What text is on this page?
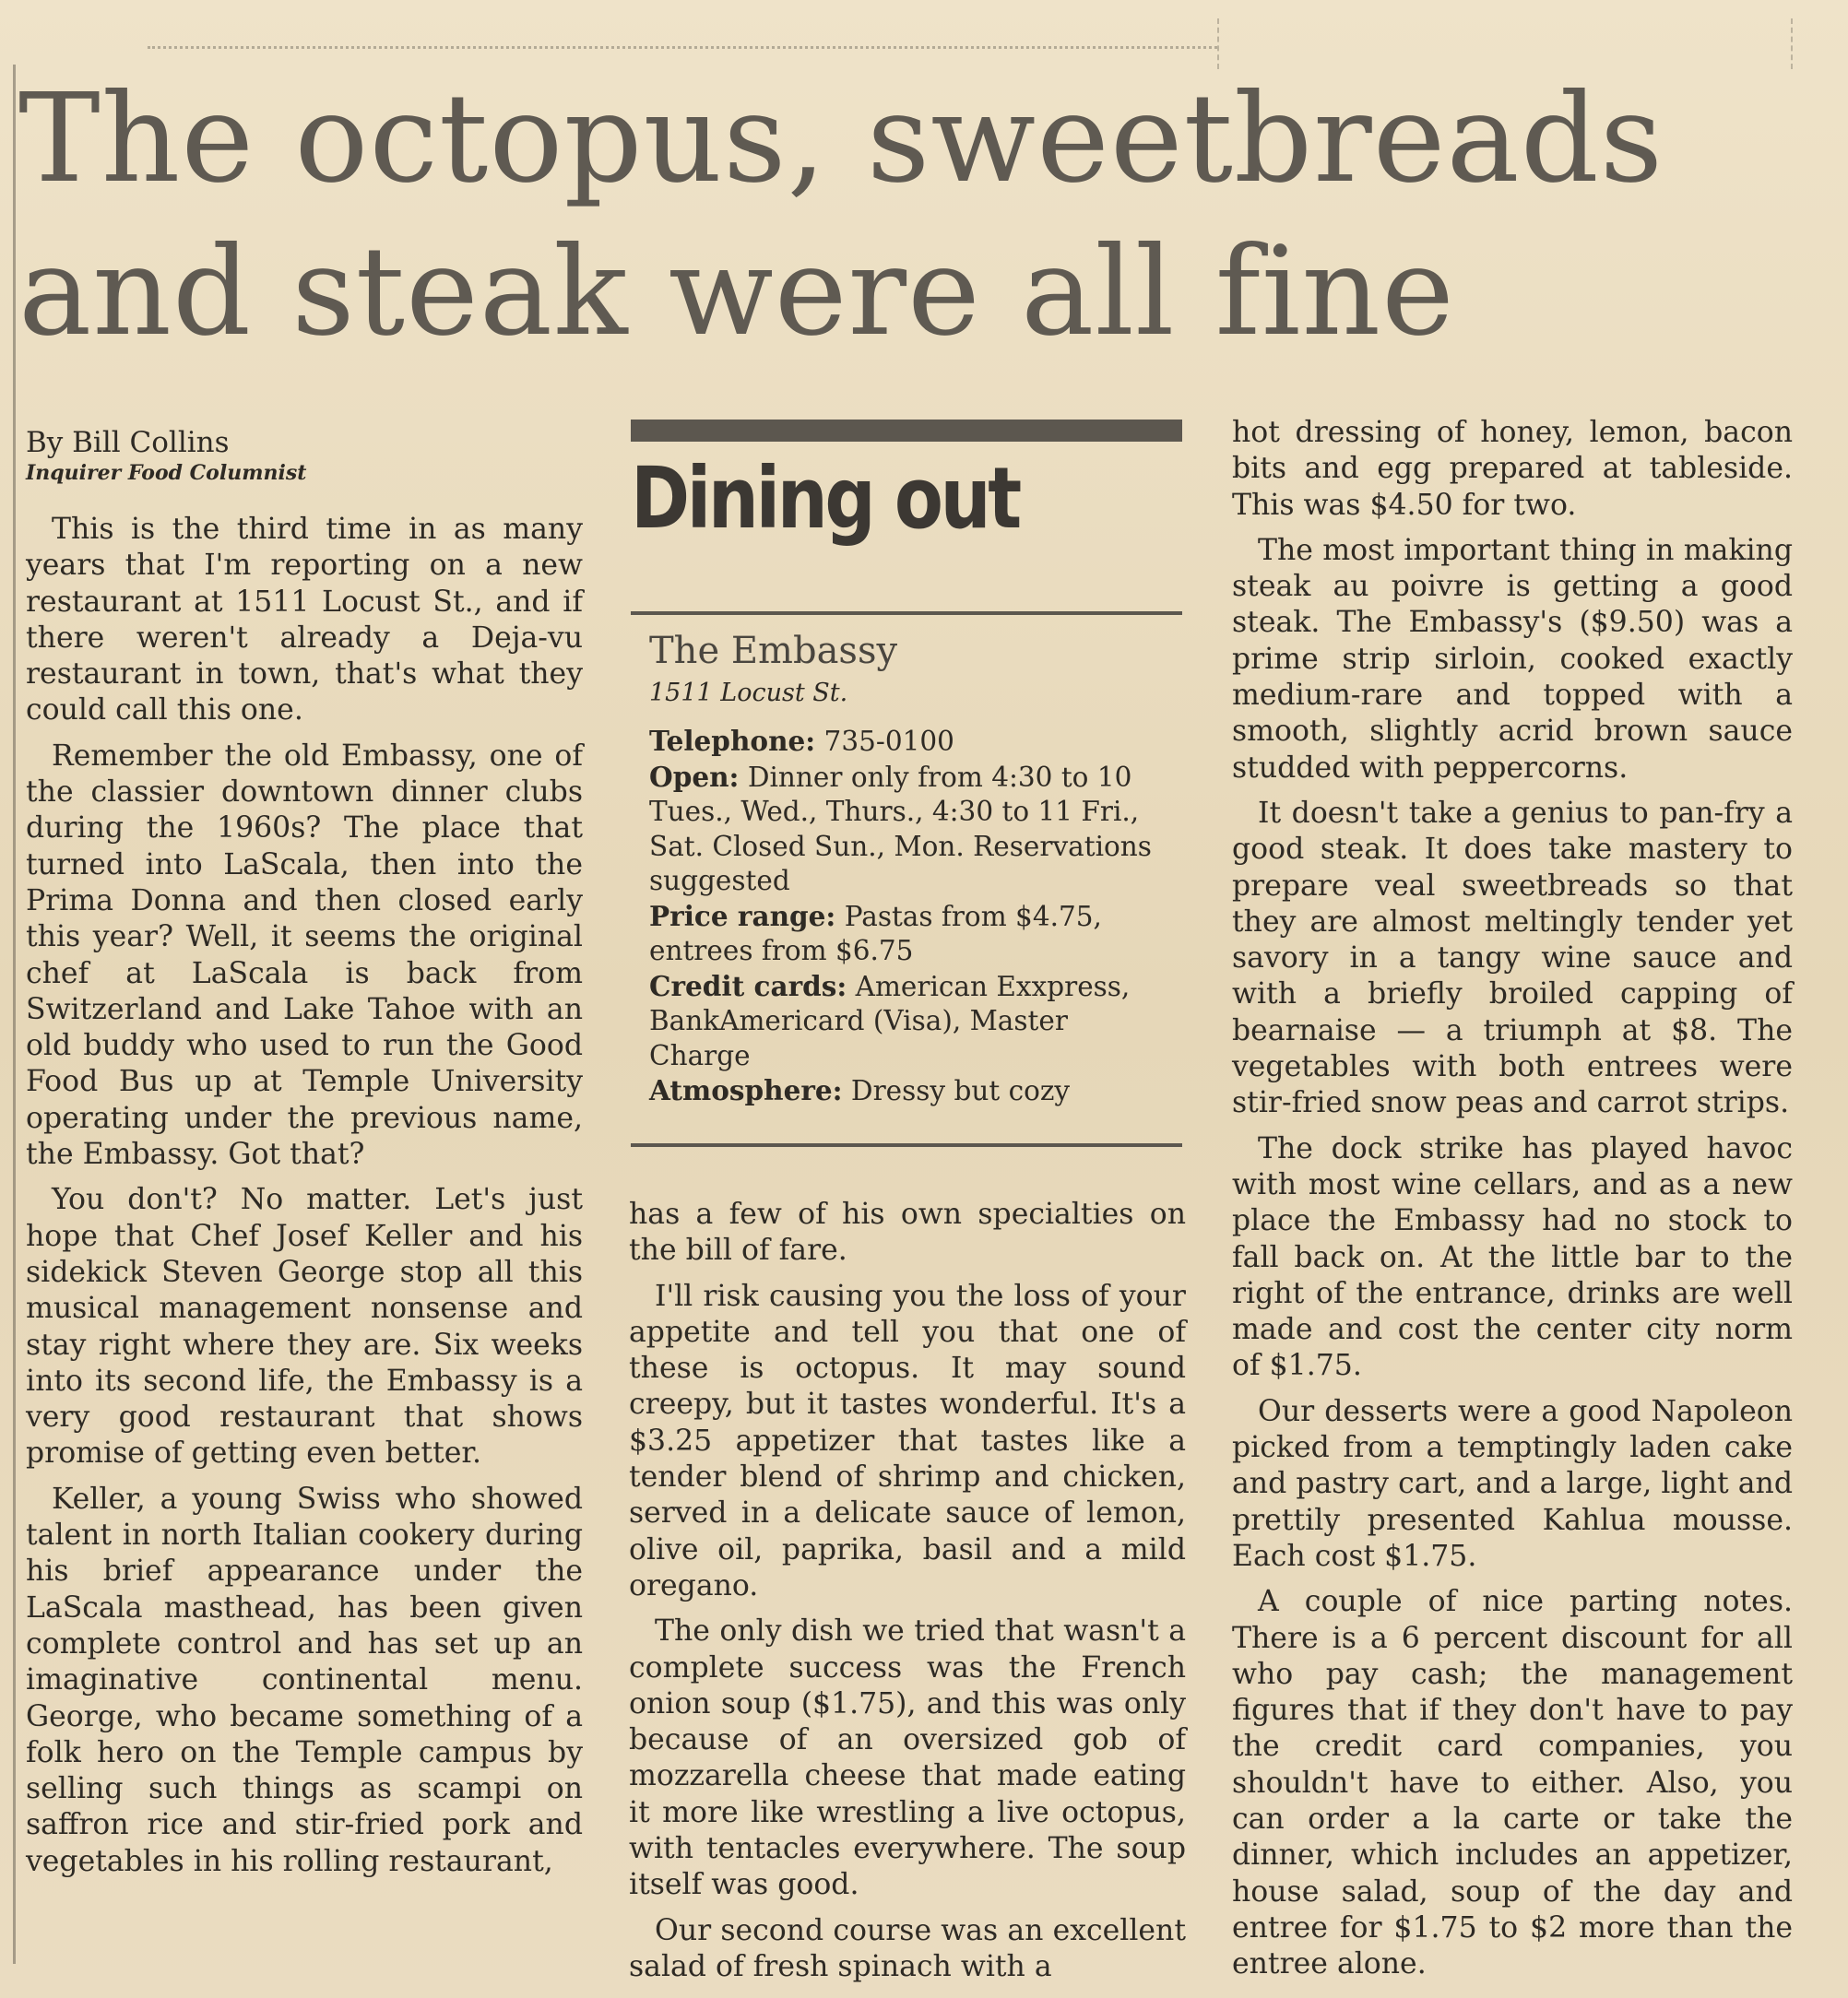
The octopus, sweetbreads
and steak were all fine
By Bill Collins
Inquirer Food Columnist

This is the third time in as many years that I'm reporting on a new restaurant at 1511 Locust St., and if there weren't already a Deja-vu restaurant in town, that's what they could call this one.

Remember the old Embassy, one of the classier downtown dinner clubs during the 1960s? The place that turned into LaScala, then into the Prima Donna and then closed early this year? Well, it seems the original chef at LaScala is back from Switzerland and Lake Tahoe with an old buddy who used to run the Good Food Bus up at Temple University operating under the previous name, the Embassy. Got that?

You don't? No matter. Let's just hope that Chef Josef Keller and his sidekick Steven George stop all this musical management nonsense and stay right where they are. Six weeks into its second life, the Embassy is a very good restaurant that shows promise of getting even better.

Keller, a young Swiss who showed talent in north Italian cookery during his brief appearance under the LaScala masthead, has been given complete control and has set up an imaginative continental menu. George, who became something of a folk hero on the Temple campus by selling such things as scampi on saffron rice and stir-fried pork and vegetables in his rolling restaurant,

Dining out
The Embassy
1511 Locust St.
Telephone: 735-0100
Open: Dinner only from 4:30 to 10 Tues., Wed., Thurs., 4:30 to 11 Fri., Sat. Closed Sun., Mon. Reservations suggested
Price range: Pastas from $4.75, entrees from $6.75
Credit cards: American Exxpress, BankAmericard (Visa), Master Charge
Atmosphere: Dressy but cozy

has a few of his own specialties on the bill of fare.

I'll risk causing you the loss of your appetite and tell you that one of these is octopus. It may sound creepy, but it tastes wonderful. It's a $3.25 appetizer that tastes like a tender blend of shrimp and chicken, served in a delicate sauce of lemon, olive oil, paprika, basil and a mild oregano.

The only dish we tried that wasn't a complete success was the French onion soup ($1.75), and this was only because of an oversized gob of mozzarella cheese that made eating it more like wrestling a live octopus, with tentacles everywhere. The soup itself was good.

Our second course was an excellent salad of fresh spinach with a

hot dressing of honey, lemon, bacon bits and egg prepared at tableside. This was $4.50 for two.

The most important thing in making steak au poivre is getting a good steak. The Embassy's ($9.50) was a prime strip sirloin, cooked exactly medium-rare and topped with a smooth, slightly acrid brown sauce studded with peppercorns.

It doesn't take a genius to pan-fry a good steak. It does take mastery to prepare veal sweetbreads so that they are almost meltingly tender yet savory in a tangy wine sauce and with a briefly broiled capping of bearnaise — a triumph at $8. The vegetables with both entrees were stir-fried snow peas and carrot strips.

The dock strike has played havoc with most wine cellars, and as a new place the Embassy had no stock to fall back on. At the little bar to the right of the entrance, drinks are well made and cost the center city norm of $1.75.

Our desserts were a good Napoleon picked from a temptingly laden cake and pastry cart, and a large, light and prettily presented Kahlua mousse. Each cost $1.75.

A couple of nice parting notes. There is a 6 percent discount for all who pay cash; the management figures that if they don't have to pay the credit card companies, you shouldn't have to either. Also, you can order a la carte or take the dinner, which includes an appetizer, house salad, soup of the day and entree for $1.75 to $2 more than the entree alone.
